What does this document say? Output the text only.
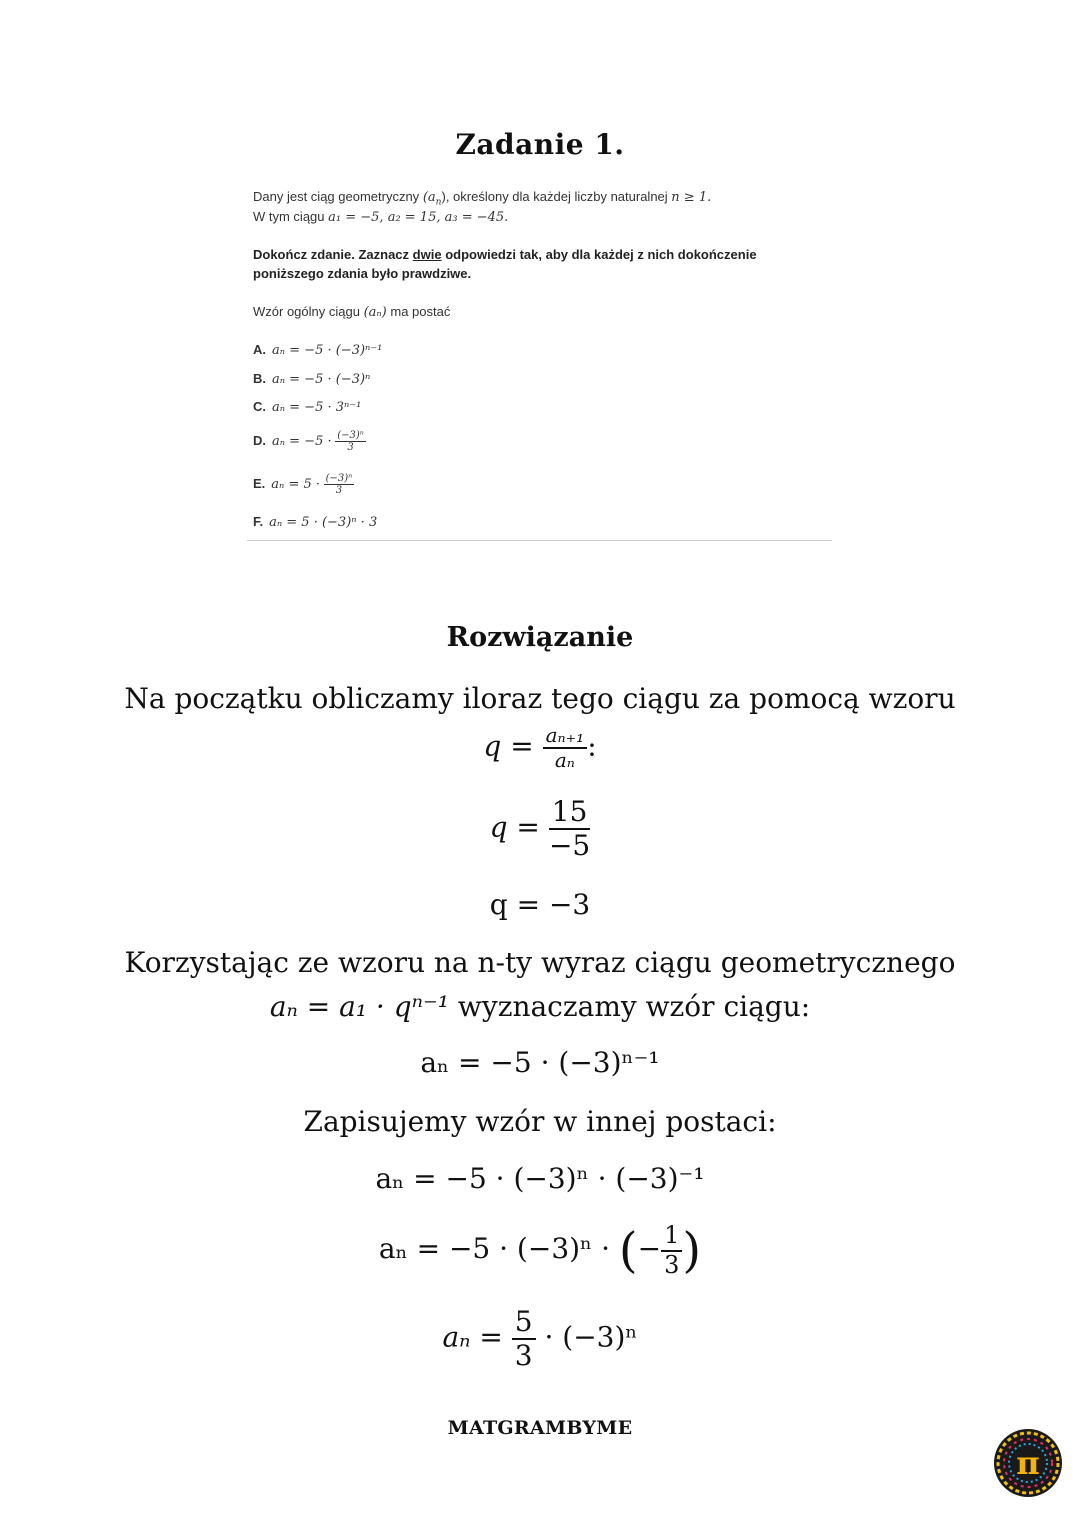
Zadanie 1.
Dany jest ciąg geometryczny $(a_n)$, określony dla każdej liczby naturalnej n ≥ 1.
W tym ciągu a₁ = −5, a₂ = 15, a₃ = −45.
Dokończ zdanie. Zaznacz dwie odpowiedzi tak, aby dla każdej z nich dokończenie
poniższego zdania było prawdziwe.
Wzór ogólny ciągu (aₙ) ma postać
A. aₙ = −5 · (−3)ⁿ⁻¹
B. aₙ = −5 · (−3)ⁿ
C. aₙ = −5 · 3ⁿ⁻¹
D. $a_n = -5 \cdot \frac{\text{(−3)ⁿ}}{3}$
E. $a_n = 5 \cdot \frac{\text{(−3)ⁿ}}{3}$
F. aₙ = 5 · (−3)ⁿ · 3
Rozwiązanie
Na początku obliczamy iloraz tego ciągu za pomocą wzoru
$q = \frac{\text{aₙ₊₁}}{\text{aₙ}}$ :
$q = \frac{15}{-5}$
q = −3
Korzystając ze wzoru na n-ty wyraz ciągu geometrycznego
aₙ = a₁ · qⁿ⁻¹ wyznaczamy wzór ciągu:
aₙ = −5 · (−3)ⁿ⁻¹
Zapisujemy wzór w innej postaci:
aₙ = −5 · (−3)ⁿ · (−3)⁻¹
aₙ = −5 · (−3)ⁿ · (− $\frac{1}{3}$ )
$a_n = \frac{5}{3} \cdot (-3)^n$
MATGRAMBYME
π
